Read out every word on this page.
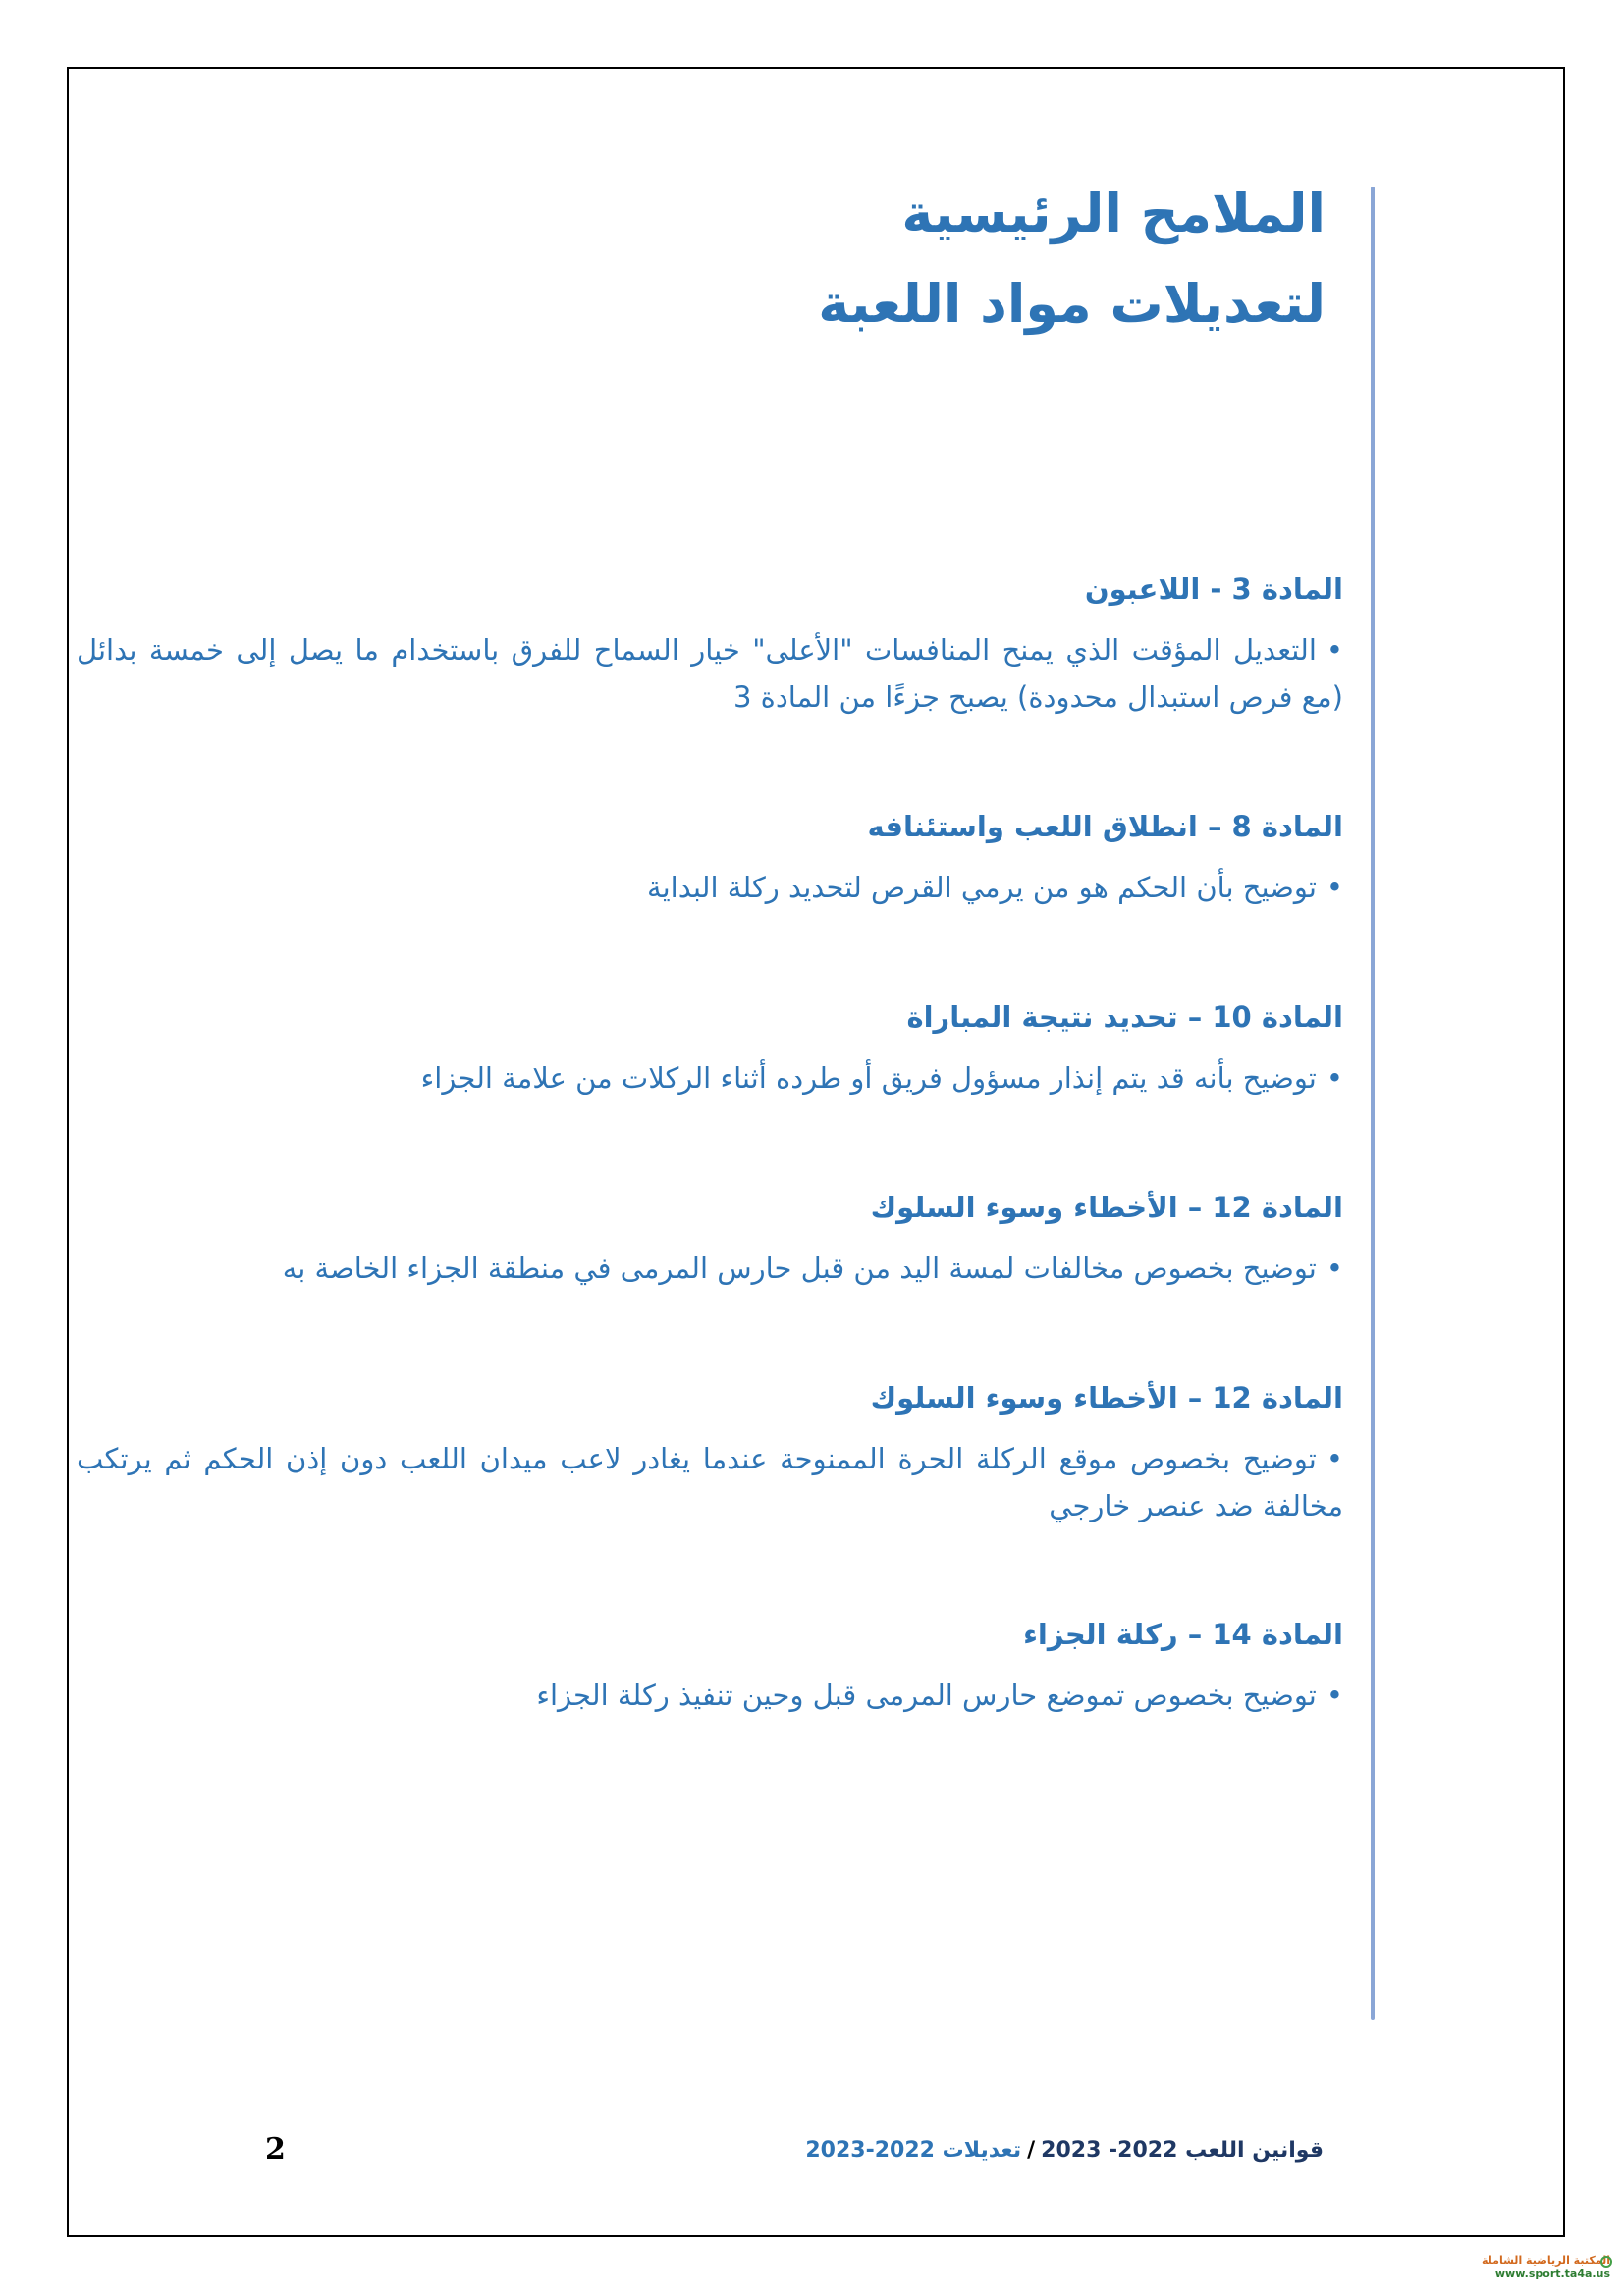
الملامح الرئيسية
لتعديلات مواد اللعبة
المادة 3 - اللاعبون
•التعديل المؤقت الذي يمنح المنافسات "الأعلى" خيار السماح للفرق باستخدام ما يصل إلى خمسة بدائل (مع فرص استبدال محدودة) يصبح جزءًا من المادة 3
المادة 8 – انطلاق اللعب واستئنافه
•توضيح بأن الحكم هو من يرمي القرص لتحديد ركلة البداية
المادة 10 – تحديد نتيجة المباراة
•توضيح بأنه قد يتم إنذار مسؤول فريق أو طرده أثناء الركلات من علامة الجزاء
المادة 12 – الأخطاء وسوء السلوك
•توضيح بخصوص مخالفات لمسة اليد من قبل حارس المرمى في منطقة الجزاء الخاصة به
المادة 12 – الأخطاء وسوء السلوك
•توضيح بخصوص موقع الركلة الحرة الممنوحة عندما يغادر لاعب ميدان اللعب دون إذن الحكم ثم يرتكب مخالفة ضد عنصر خارجي
المادة 14 – ركلة الجزاء
•توضيح بخصوص تموضع حارس المرمى قبل وحين تنفيذ ركلة الجزاء
2	قوانين اللعب 2022- 2023/تعديلات 2022-2023
المكتبة الرياضية الشاملة
www.sport.ta4a.us
